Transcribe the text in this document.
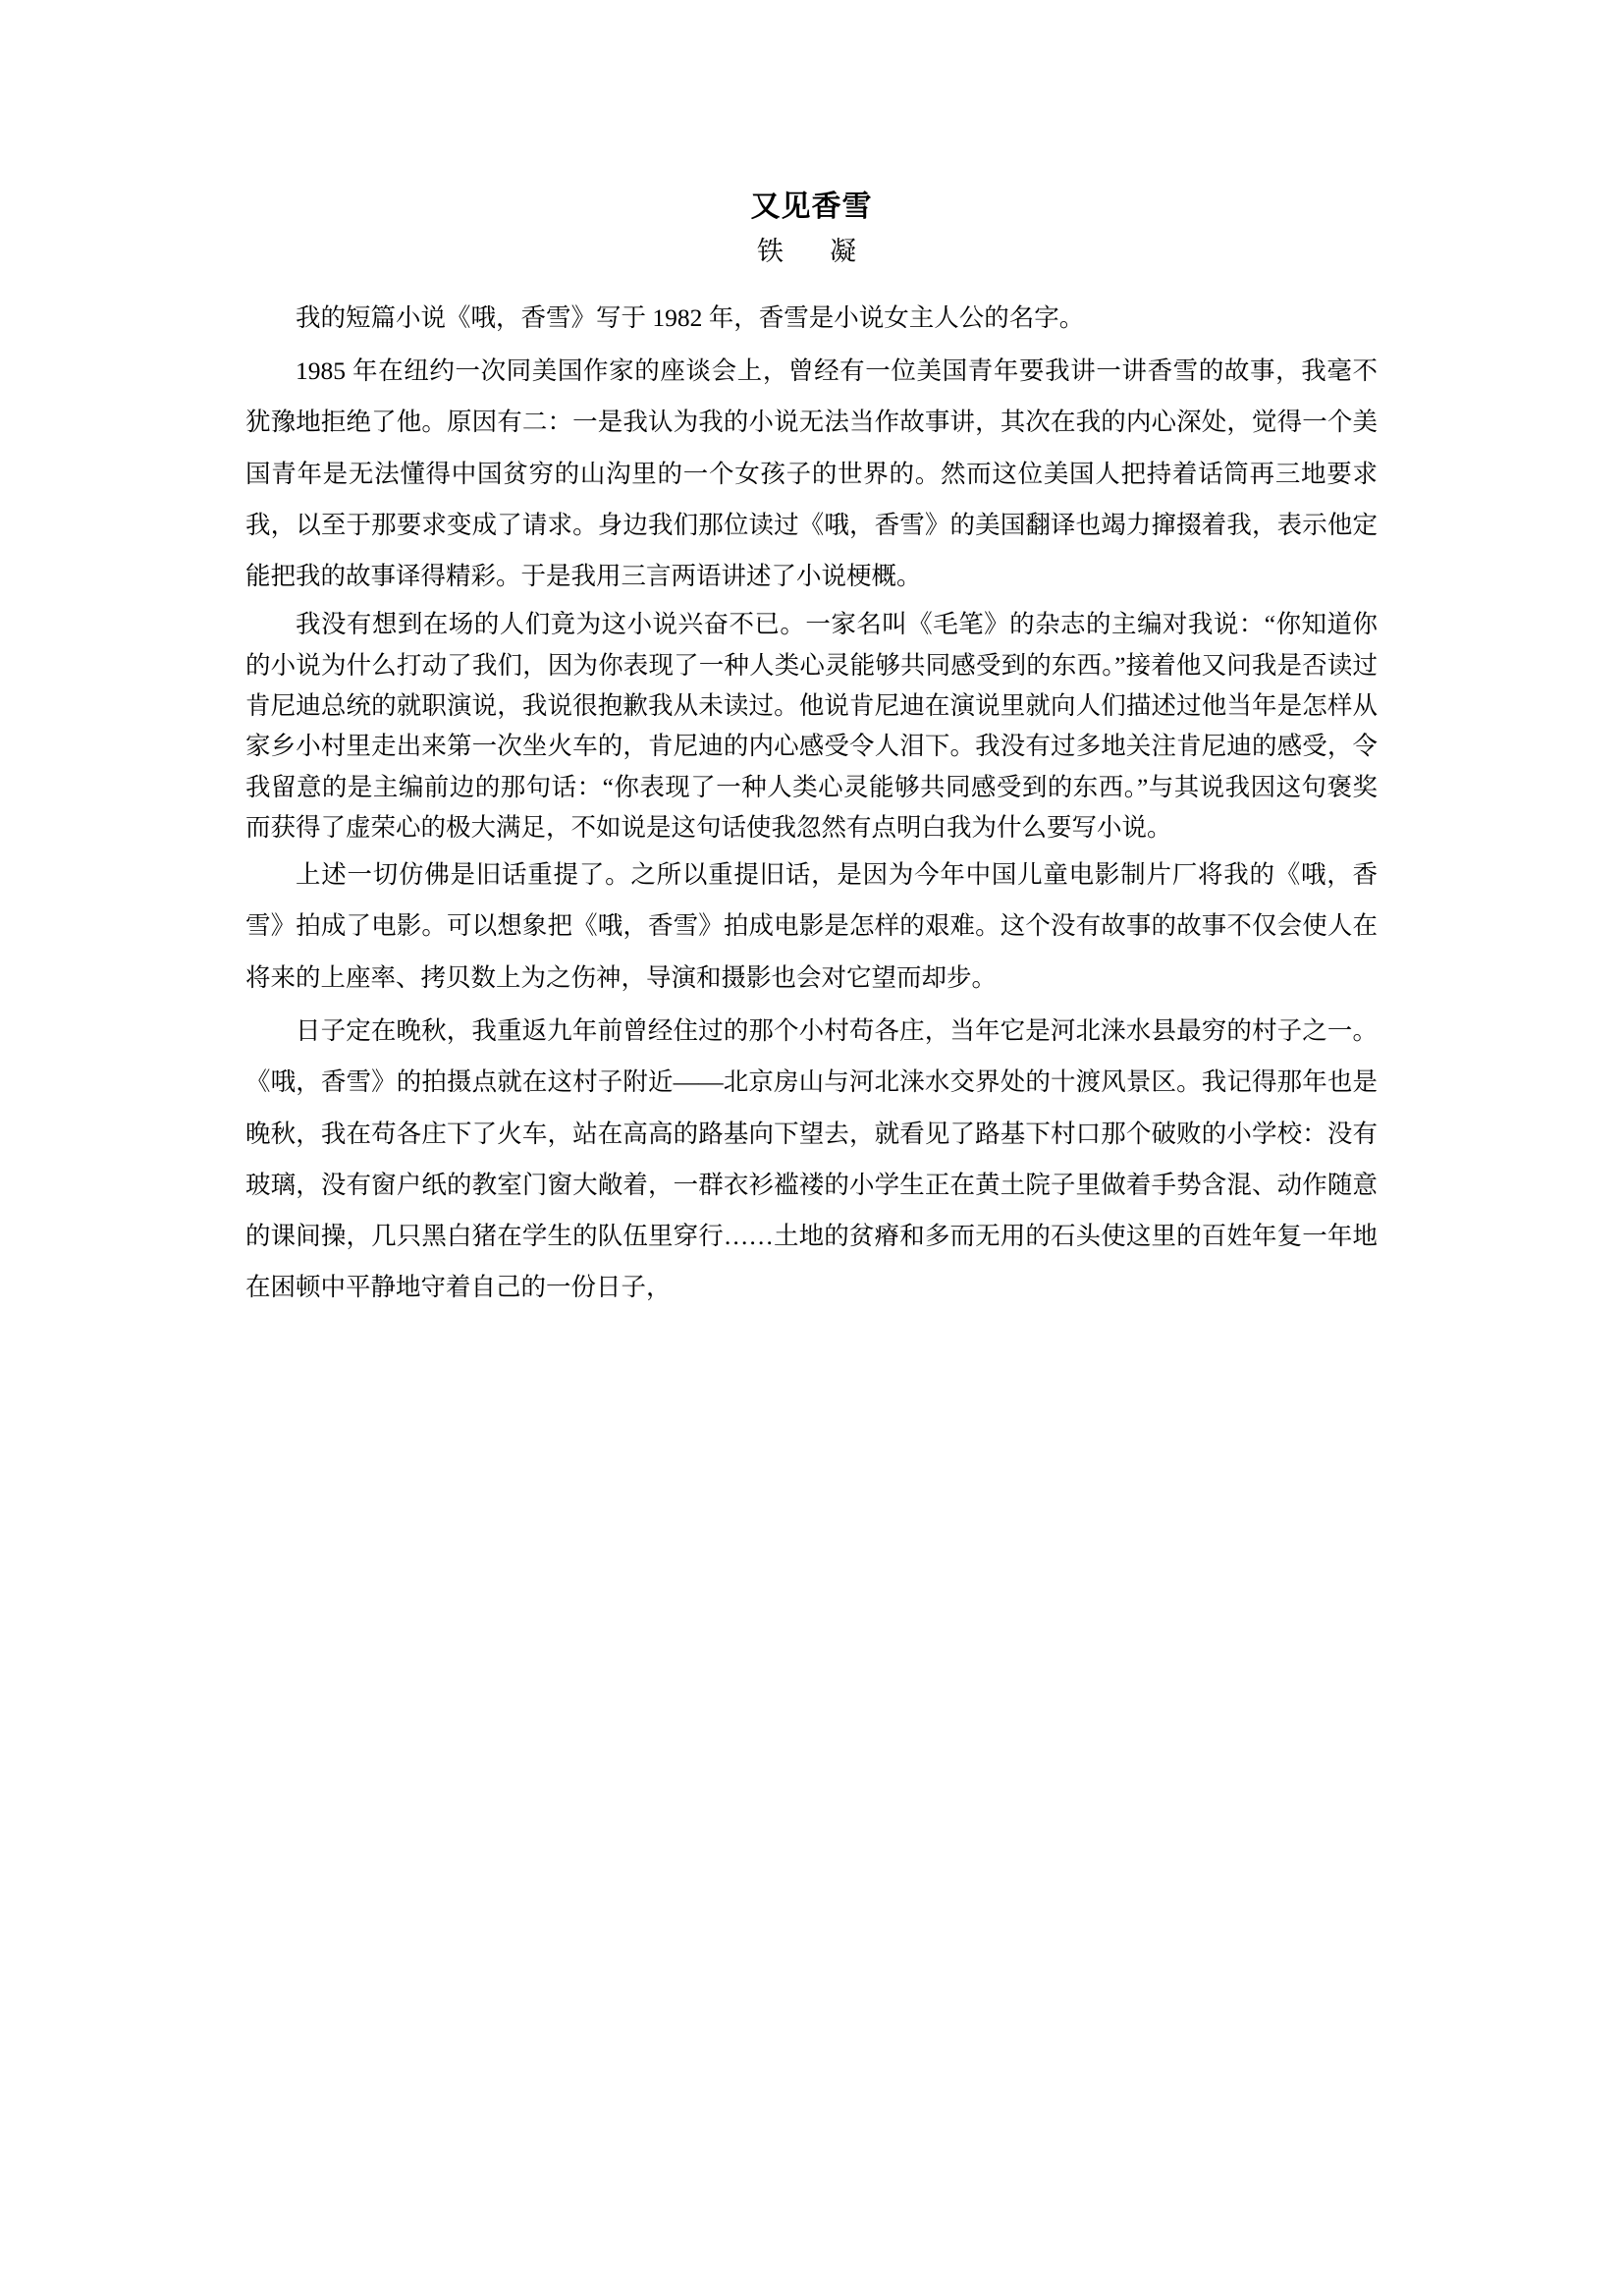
又见香雪
铁　凝

我的短篇小说《哦，香雪》写于 1982 年，香雪是小说女主人公的名字。

1985 年在纽约一次同美国作家的座谈会上，曾经有一位美国青年要我讲一讲香雪的故事，我毫不犹豫地拒绝了他。原因有二：一是我认为我的小说无法当作故事讲，其次在我的内心深处，觉得一个美国青年是无法懂得中国贫穷的山沟里的一个女孩子的世界的。然而这位美国人把持着话筒再三地要求我，以至于那要求变成了请求。身边我们那位读过《哦，香雪》的美国翻译也竭力撺掇着我，表示他定能把我的故事译得精彩。于是我用三言两语讲述了小说梗概。

我没有想到在场的人们竟为这小说兴奋不已。一家名叫《毛笔》的杂志的主编对我说：“你知道你的小说为什么打动了我们，因为你表现了一种人类心灵能够共同感受到的东西。”接着他又问我是否读过肯尼迪总统的就职演说，我说很抱歉我从未读过。他说肯尼迪在演说里就向人们描述过他当年是怎样从家乡小村里走出来第一次坐火车的，肯尼迪的内心感受令人泪下。我没有过多地关注肯尼迪的感受，令我留意的是主编前边的那句话：“你表现了一种人类心灵能够共同感受到的东西。”与其说我因这句褒奖而获得了虚荣心的极大满足，不如说是这句话使我忽然有点明白我为什么要写小说。

上述一切仿佛是旧话重提了。之所以重提旧话，是因为今年中国儿童电影制片厂将我的《哦，香雪》拍成了电影。可以想象把《哦，香雪》拍成电影是怎样的艰难。这个没有故事的故事不仅会使人在将来的上座率、拷贝数上为之伤神，导演和摄影也会对它望而却步。

日子定在晚秋，我重返九年前曾经住过的那个小村苟各庄，当年它是河北涞水县最穷的村子之一。《哦，香雪》的拍摄点就在这村子附近——北京房山与河北涞水交界处的十渡风景区。我记得那年也是晚秋，我在苟各庄下了火车，站在高高的路基向下望去，就看见了路基下村口那个破败的小学校：没有玻璃，没有窗户纸的教室门窗大敞着，一群衣衫褴褛的小学生正在黄土院子里做着手势含混、动作随意的课间操，几只黑白猪在学生的队伍里穿行……土地的贫瘠和多而无用的石头使这里的百姓年复一年地在困顿中平静地守着自己的一份日子，
